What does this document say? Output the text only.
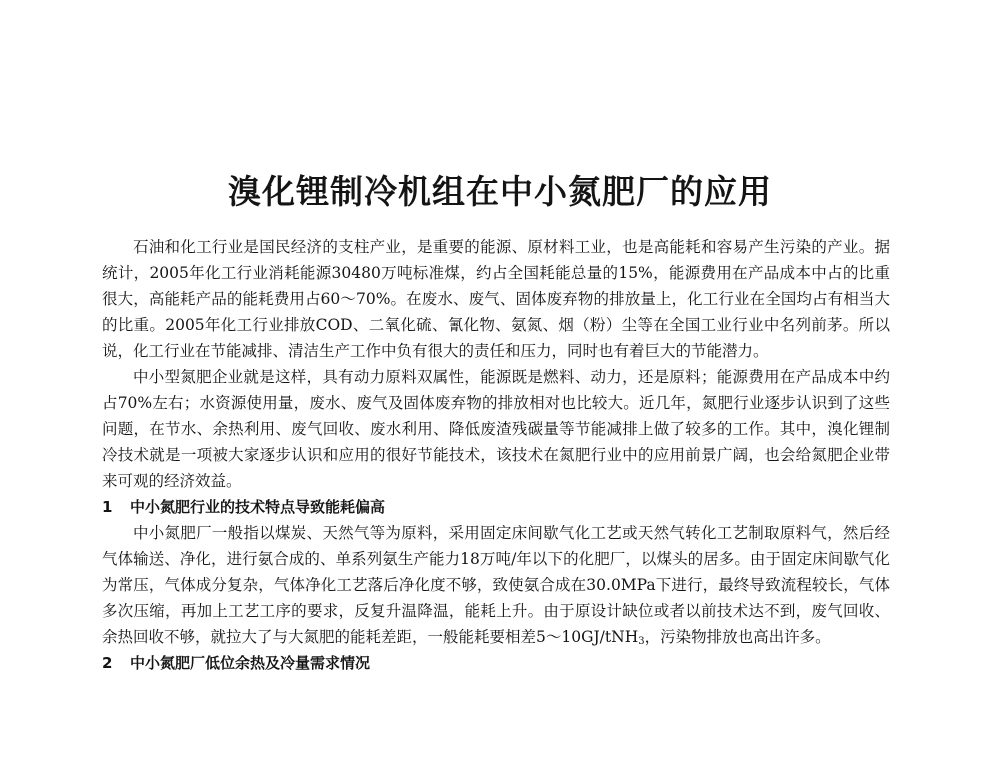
溴化锂制冷机组在中小氮肥厂的应用

石油和化工行业是国民经济的支柱产业，是重要的能源、原材料工业，也是高能耗和容易产生污染的产业。据统计，2005年化工行业消耗能源30480万吨标准煤，约占全国耗能总量的15%，能源费用在产品成本中占的比重很大，高能耗产品的能耗费用占60～70%。在废水、废气、固体废弃物的排放量上，化工行业在全国均占有相当大的比重。2005年化工行业排放COD、二氧化硫、氰化物、氨氮、烟（粉）尘等在全国工业行业中名列前茅。所以说，化工行业在节能减排、清洁生产工作中负有很大的责任和压力，同时也有着巨大的节能潜力。

中小型氮肥企业就是这样，具有动力原料双属性，能源既是燃料、动力，还是原料；能源费用在产品成本中约占70%左右；水资源使用量，废水、废气及固体废弃物的排放相对也比较大。近几年，氮肥行业逐步认识到了这些问题，在节水、余热利用、废气回收、废水利用、降低废渣残碳量等节能减排上做了较多的工作。其中，溴化锂制冷技术就是一项被大家逐步认识和应用的很好节能技术，该技术在氮肥行业中的应用前景广阔，也会给氮肥企业带来可观的经济效益。

1 中小氮肥行业的技术特点导致能耗偏高

中小氮肥厂一般指以煤炭、天然气等为原料，采用固定床间歇气化工艺或天然气转化工艺制取原料气，然后经气体输送、净化，进行氨合成的、单系列氨生产能力18万吨/年以下的化肥厂，以煤头的居多。由于固定床间歇气化为常压，气体成分复杂，气体净化工艺落后净化度不够，致使氨合成在30.0MPa下进行，最终导致流程较长，气体多次压缩，再加上工艺工序的要求，反复升温降温，能耗上升。由于原设计缺位或者以前技术达不到，废气回收、余热回收不够，就拉大了与大氮肥的能耗差距，一般能耗要相差5～10GJ/tNH$_3$，污染物排放也高出许多。

2 中小氮肥厂低位余热及冷量需求情况
